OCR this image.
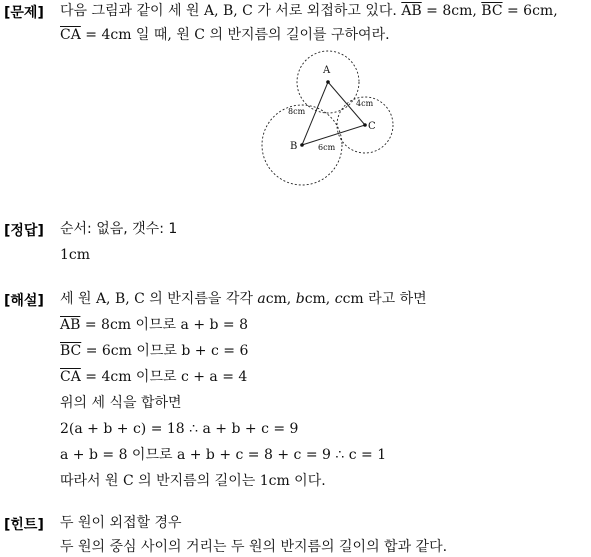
[문제] 다음 그림과 같이 세 원 A, B, C 가 서로 외접하고 있다. $\overline{AB} = 8cm$, $\overline{BC} = 6cm$,
$\overline{CA} = 4cm$ 일 때, 원 C 의 반지름의 길이를 구하여라.
A
B
C
8cm
6cm
4cm
[정답] 순서: 없음, 갯수: 1
1cm
[해설] 세 원 A, B, C 의 반지름을 각각 acm, bcm, ccm 라고 하면
$\overline{AB} = 8cm$ 이므로 a + b = 8
$\overline{BC} = 6cm$ 이므로 b + c = 6
$\overline{CA} = 4cm$ 이므로 c + a = 4
위의 세 식을 합하면
2(a + b + c) = 18 ∴ a + b + c = 9
a + b = 8 이므로 a + b + c = 8 + c = 9 ∴ c = 1
따라서 원 C 의 반지름의 길이는 1cm 이다.
[힌트] 두 원이 외접할 경우
두 원의 중심 사이의 거리는 두 원의 반지름의 길이의 합과 같다.
